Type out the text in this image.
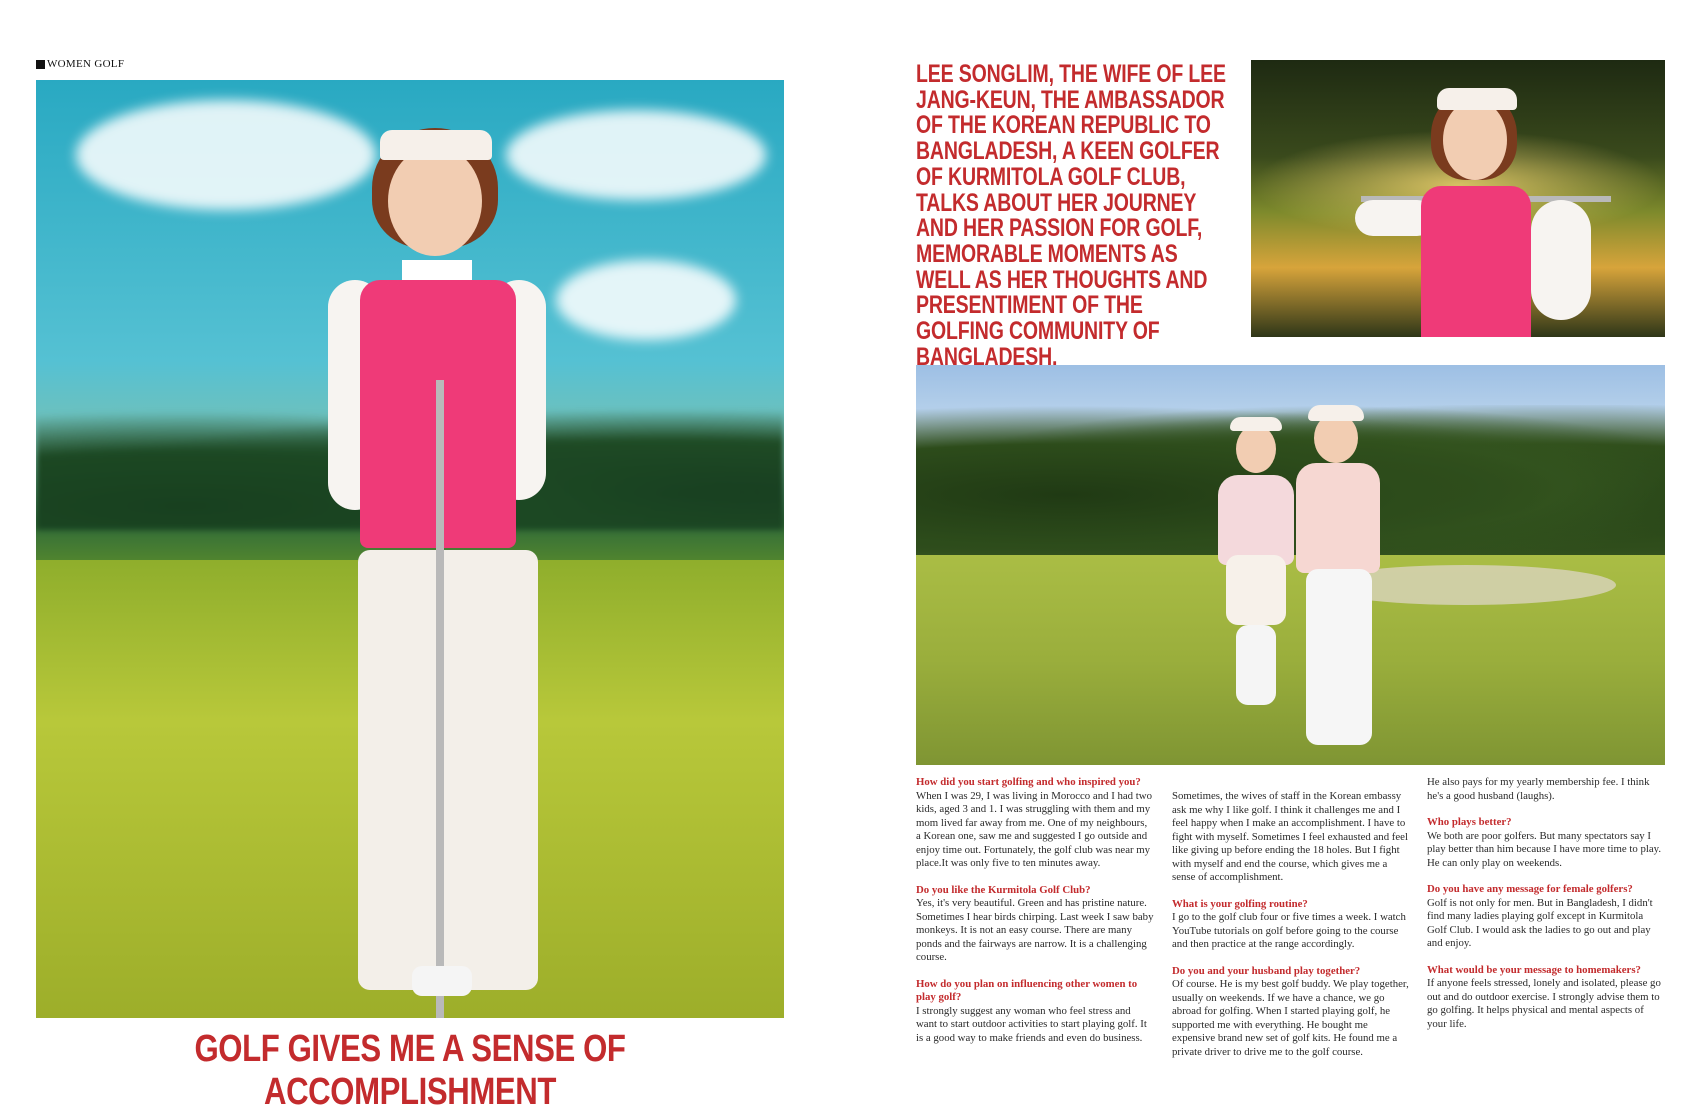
WOMEN GOLF
GOLF GIVES ME A SENSE OF ACCOMPLISHMENT
LEE SONGLIM, THE WIFE OF LEE JANG-KEUN, THE AMBASSADOR OF THE KOREAN REPUBLIC TO BANGLADESH, A KEEN GOLFER OF KURMITOLA GOLF CLUB, TALKS ABOUT HER JOURNEY AND HER PASSION FOR GOLF, MEMORABLE MOMENTS AS WELL AS HER THOUGHTS AND PRESENTIMENT OF THE GOLFING COMMUNITY OF BANGLADESH.

How did you start golfing and who inspired you?

When I was 29, I was living in Morocco and I had two kids, aged 3 and 1. I was struggling with them and my mom lived far away from me. One of my neighbours, a Korean one, saw me and suggested I go outside and enjoy time out. Fortunately, the golf club was near my place.It was only five to ten minutes away.

Do you like the Kurmitola Golf Club?

Yes, it's very beautiful. Green and has pristine nature. Sometimes I hear birds chirping. Last week I saw baby monkeys. It is not an easy course. There are many ponds and the fairways are narrow. It is a challenging course.

How do you plan on influencing other women to play golf?

I strongly suggest any woman who feel stress and want to start outdoor activities to start playing golf. It is a good way to make friends and even do business.

Sometimes, the wives of staff in the Korean embassy ask me why I like golf. I think it challenges me and I feel happy when I make an accomplishment. I have to fight with myself. Sometimes I feel exhausted and feel like giving up before ending the 18 holes. But I fight with myself and end the course, which gives me a sense of accomplishment.

What is your golfing routine?

I go to the golf club four or five times a week. I watch YouTube tutorials on golf before going to the course and then practice at the range accordingly.

Do you and your husband play together?

Of course. He is my best golf buddy. We play together, usually on weekends. If we have a chance, we go abroad for golfing. When I started playing golf, he supported me with everything. He bought me expensive brand new set of golf kits. He found me a private driver to drive me to the golf course.

He also pays for my yearly membership fee. I think he's a good husband (laughs).

Who plays better?

We both are poor golfers. But many spectators say I play better than him because I have more time to play. He can only play on weekends.

Do you have any message for female golfers?

Golf is not only for men. But in Bangladesh, I didn't find many ladies playing golf except in Kurmitola Golf Club. I would ask the ladies to go out and play and enjoy.

What would be your message to homemakers?

If anyone feels stressed, lonely and isolated, please go out and do outdoor exercise. I strongly advise them to go golfing. It helps physical and mental aspects of your life.
